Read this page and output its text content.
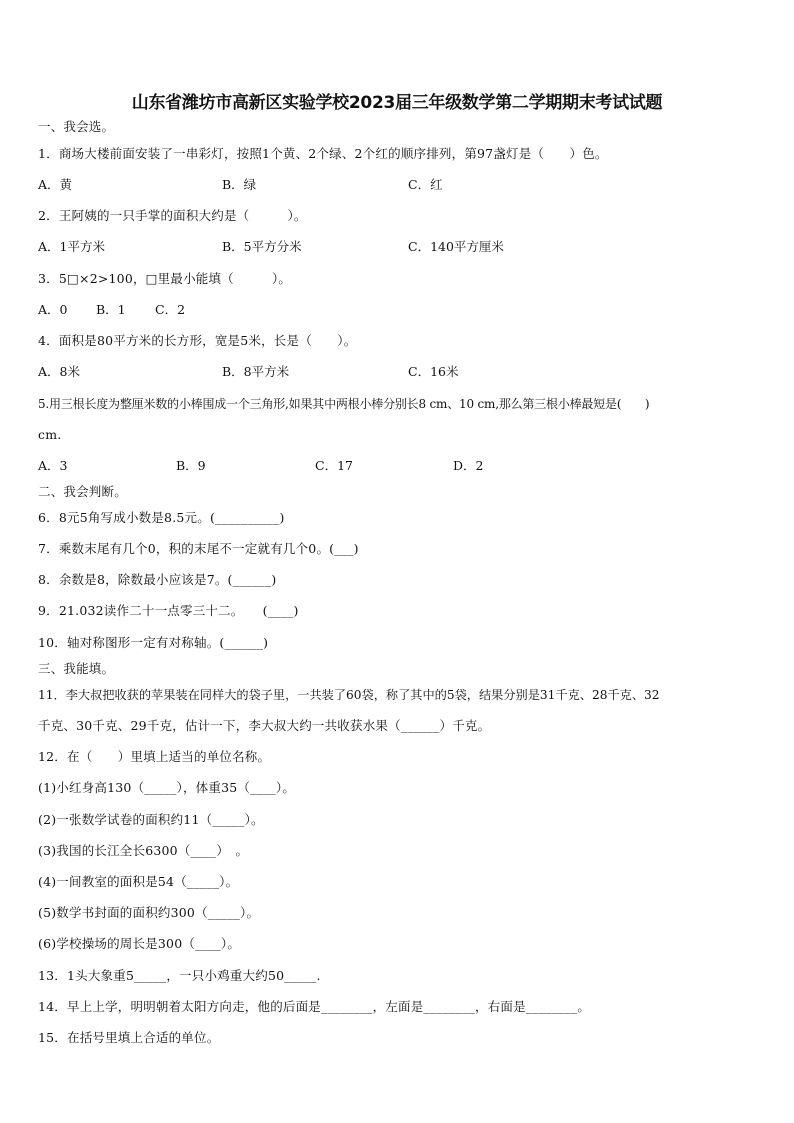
山东省潍坊市高新区实验学校2023届三年级数学第二学期期末考试试题
一、我会选。
1．商场大楼前面安装了一串彩灯，按照1个黄、2个绿、2个红的顺序排列，第97盏灯是（　　）色。
A．黄	B．绿	C．红
2．王阿姨的一只手掌的面积大约是（　　　）。
A．1平方米	B．5平方分米	C．140平方厘米
3．5□×2>100，□里最小能填（　　　）。
A．0 B．1 C．2
4．面积是80平方米的长方形，宽是5米，长是（　　）。
A．8米	B．8平方米	C．16米
5.用三根长度为整厘米数的小棒围成一个三角形,如果其中两根小棒分别长8 cm、10 cm,那么第三根小棒最短是(　　)
cm.
A．3	B．9	C．17	D．2
二、我会判断。
6．8元5角写成小数是8.5元。(__________)
7．乘数末尾有几个0，积的末尾不一定就有几个0。(___)
8．余数是8，除数最小应该是7。(______)
9．21.032读作二十一点零三十二。　　(____)
10．轴对称图形一定有对称轴。(______)
三、我能填。
11．李大叔把收获的苹果装在同样大的袋子里，一共装了60袋，称了其中的5袋，结果分别是31千克、28千克、32
千克、30千克、29千克，估计一下，李大叔大约一共收获水果（______）千克。
12．在（　　）里填上适当的单位名称。
(1)小红身高130（_____），体重35（____）。
(2)一张数学试卷的面积约11（_____）。
(3)我国的长江全长6300（____）　。
(4)一间教室的面积是54（_____）。
(5)数学书封面的面积约300（_____）。
(6)学校操场的周长是300（____）。
13．1头大象重5_____，一只小鸡重大约50_____.
14．早上上学，明明朝着太阳方向走，他的后面是________，左面是________，右面是________。
15．在括号里填上合适的单位。
